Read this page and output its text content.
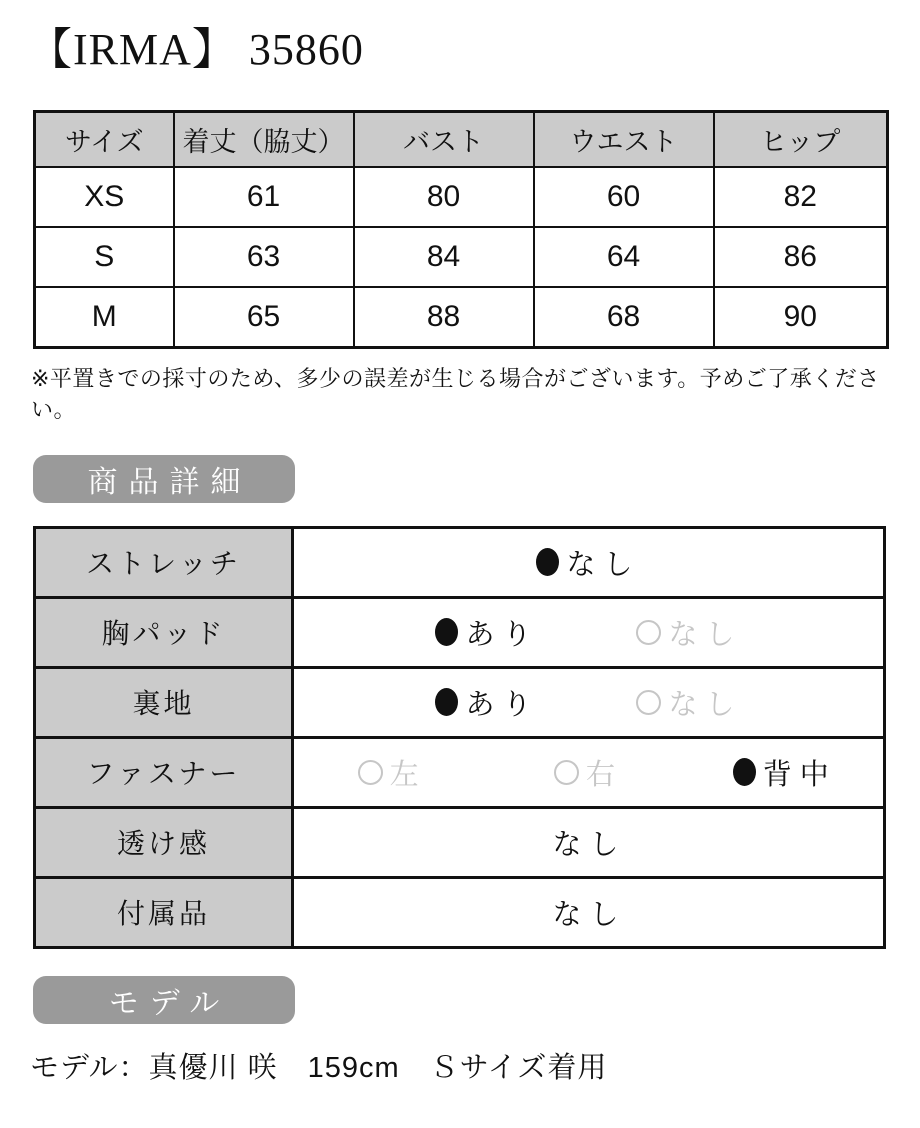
【IRMA】 35860
サイズ	着丈（脇丈）	バスト	ウエスト	ヒップ
XS	61	80	60	82
S	63	84	64	86
M	65	88	68	90
※平置きでの採寸のため、多少の誤差が生じる場合がございます。予めご了承ください。
商品詳細
ストレッチ	なし

胸パッド	あり なし

裏地	あり なし

ファスナー	左 右 背中

透け感	なし

付属品	なし
モデル
モデル：真優川 咲　159cm　Ｓサイズ着用
